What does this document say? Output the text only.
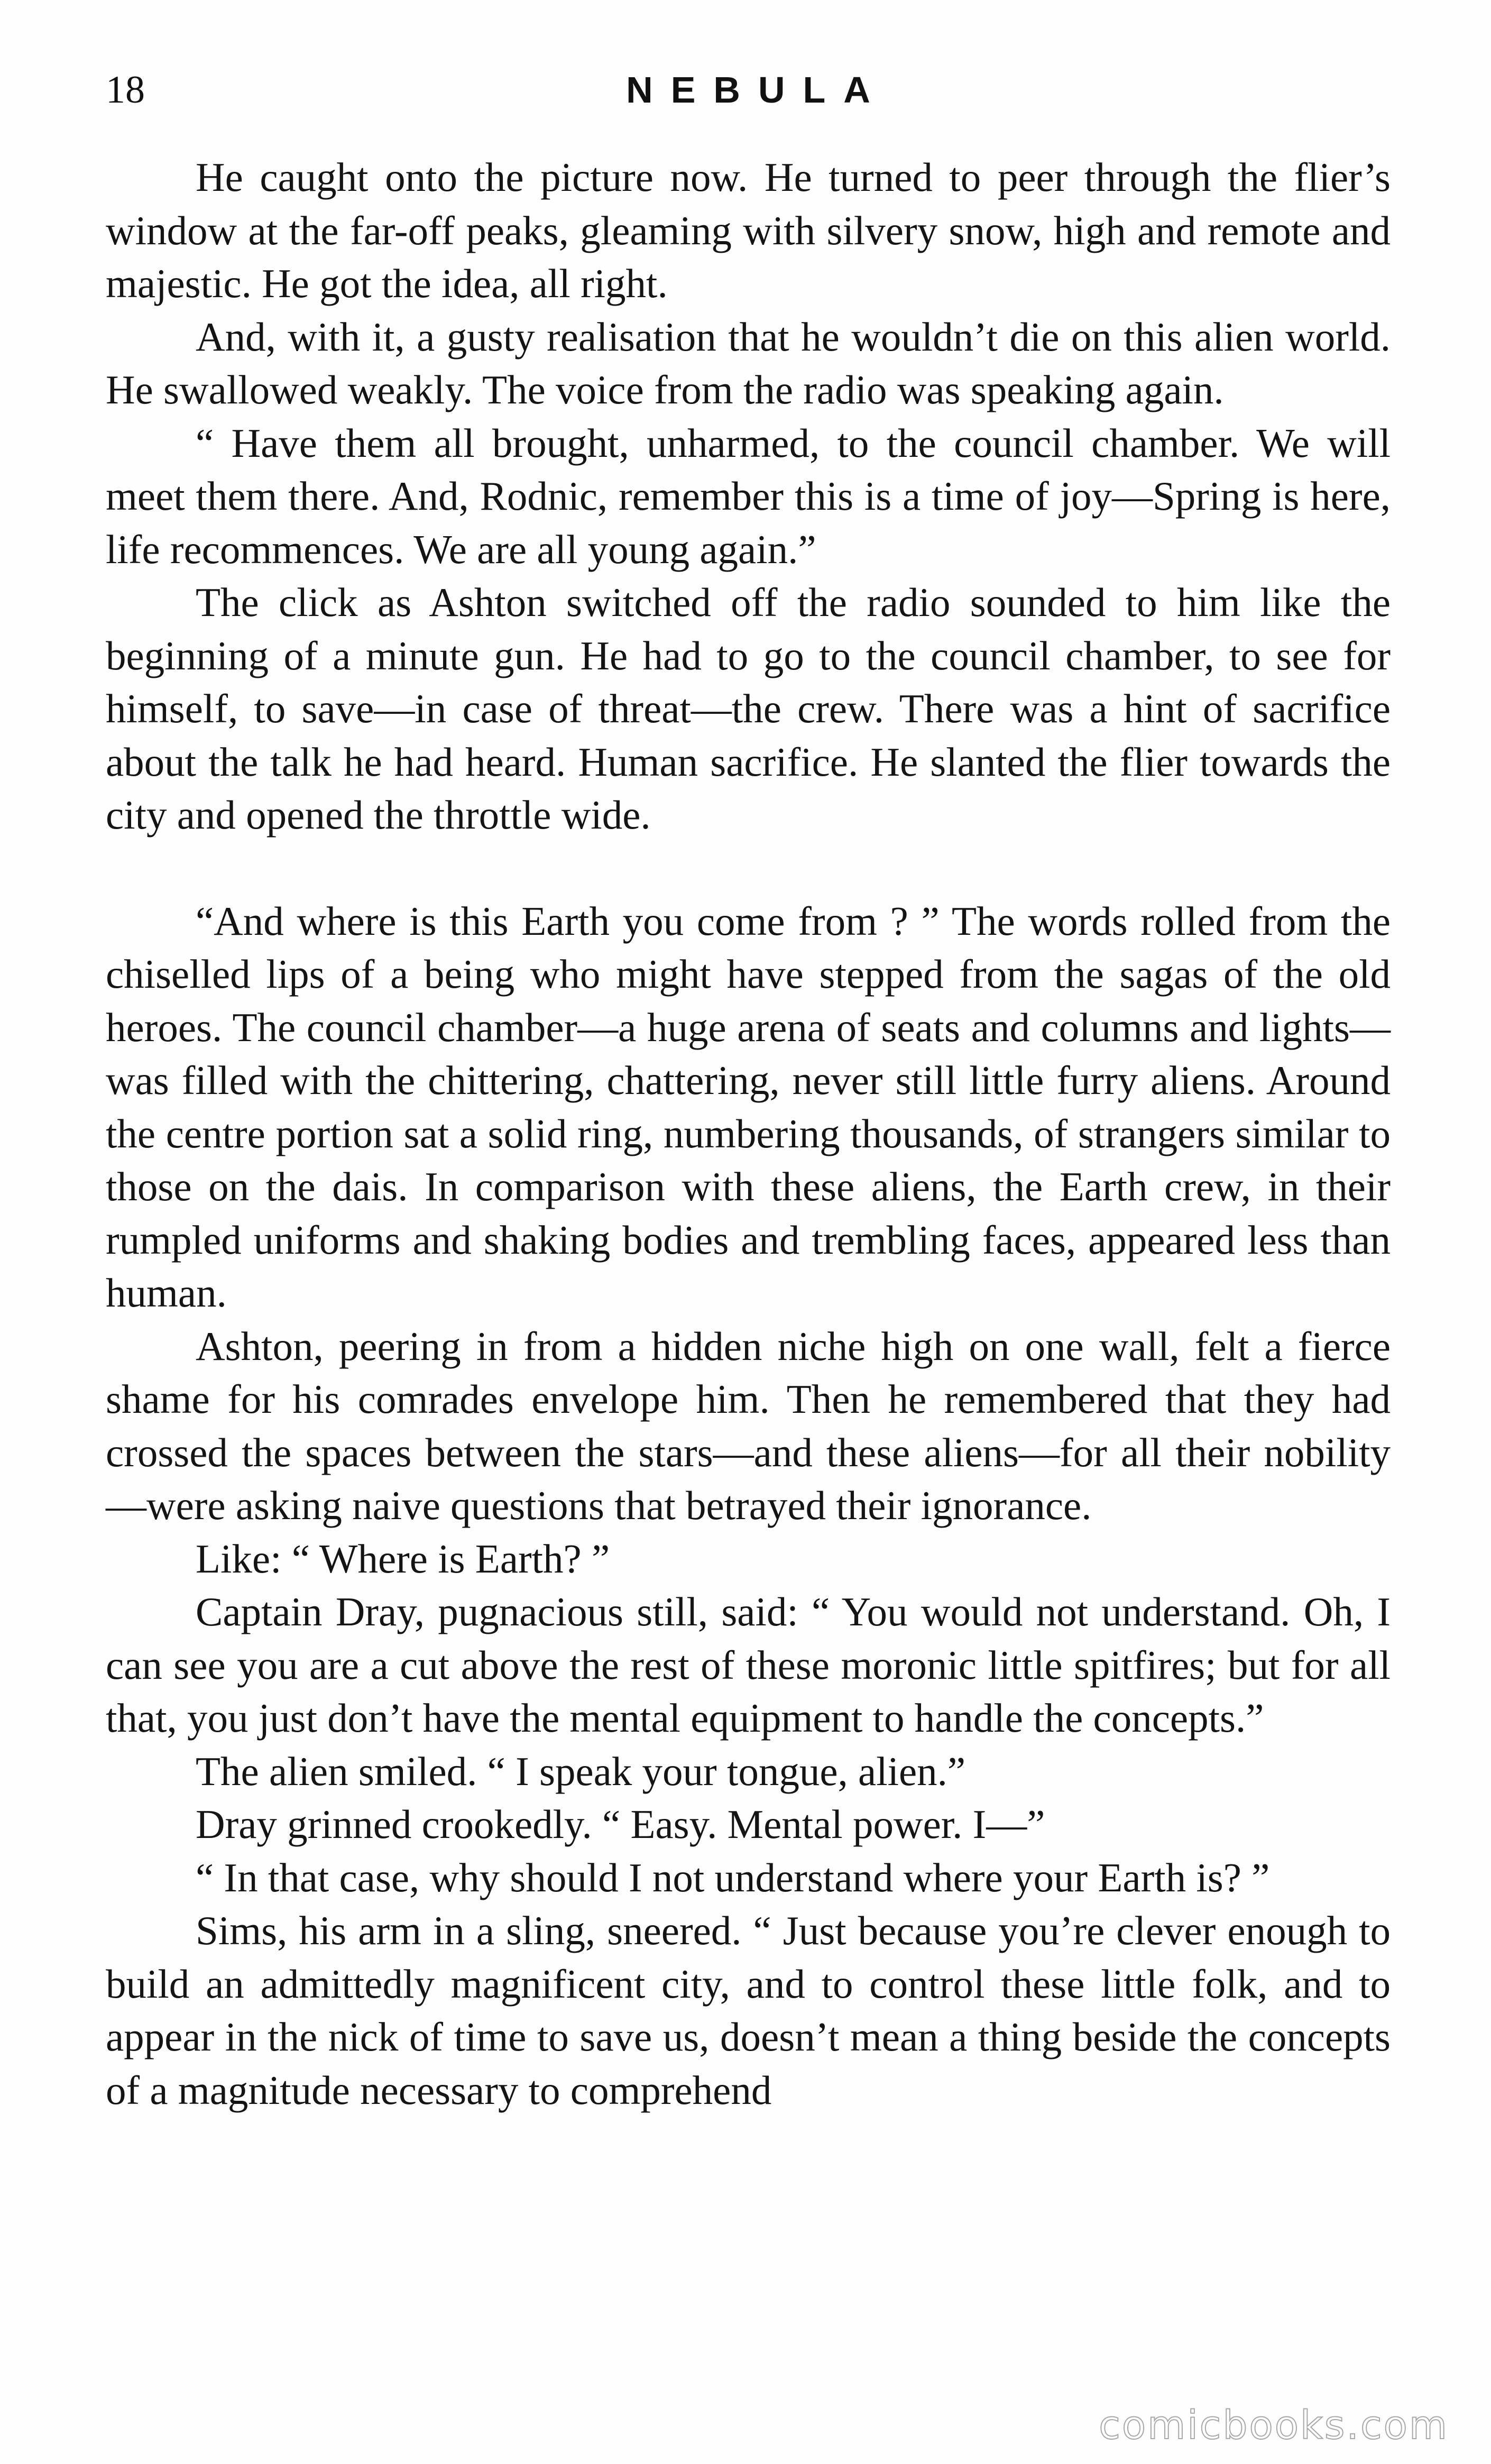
18	NEBULA

He caught onto the picture now. He turned to peer through the flier’s window at the far-off peaks, gleaming with silvery snow, high and remote and majestic. He got the idea, all right.

And, with it, a gusty realisation that he wouldn’t die on this alien world. He swallowed weakly. The voice from the radio was speaking again.

“ Have them all brought, unharmed, to the council chamber. We will meet them there. And, Rodnic, remember this is a time of joy—Spring is here, life recommences. We are all young again.”

The click as Ashton switched off the radio sounded to him like the beginning of a minute gun. He had to go to the council chamber, to see for himself, to save—in case of threat—the crew. There was a hint of sacrifice about the talk he had heard. Human sacrifice. He slanted the flier towards the city and opened the throttle wide.

“And where is this Earth you come from ? ” The words rolled from the chiselled lips of a being who might have stepped from the sagas of the old heroes. The council chamber—a huge arena of seats and columns and lights—was filled with the chittering, chattering, never still little furry aliens. Around the centre portion sat a solid ring, numbering thousands, of strangers similar to those on the dais. In comparison with these aliens, the Earth crew, in their rumpled uniforms and shaking bodies and trembling faces, appeared less than human.

Ashton, peering in from a hidden niche high on one wall, felt a fierce shame for his comrades envelope him. Then he remembered that they had crossed the spaces between the stars—and these aliens—for all their nobility—were asking naive questions that betrayed their ignorance.

Like: “ Where is Earth? ”

Captain Dray, pugnacious still, said: “ You would not understand. Oh, I can see you are a cut above the rest of these moronic little spitfires; but for all that, you just don’t have the mental equipment to handle the concepts.”

The alien smiled. “ I speak your tongue, alien.”

Dray grinned crookedly. “ Easy. Mental power. I—”

“ In that case, why should I not understand where your Earth is? ”

Sims, his arm in a sling, sneered. “ Just because you’re clever enough to build an admittedly magnificent city, and to control these little folk, and to appear in the nick of time to save us, doesn’t mean a thing beside the concepts of a magnitude necessary to comprehend

comicbooks.com
